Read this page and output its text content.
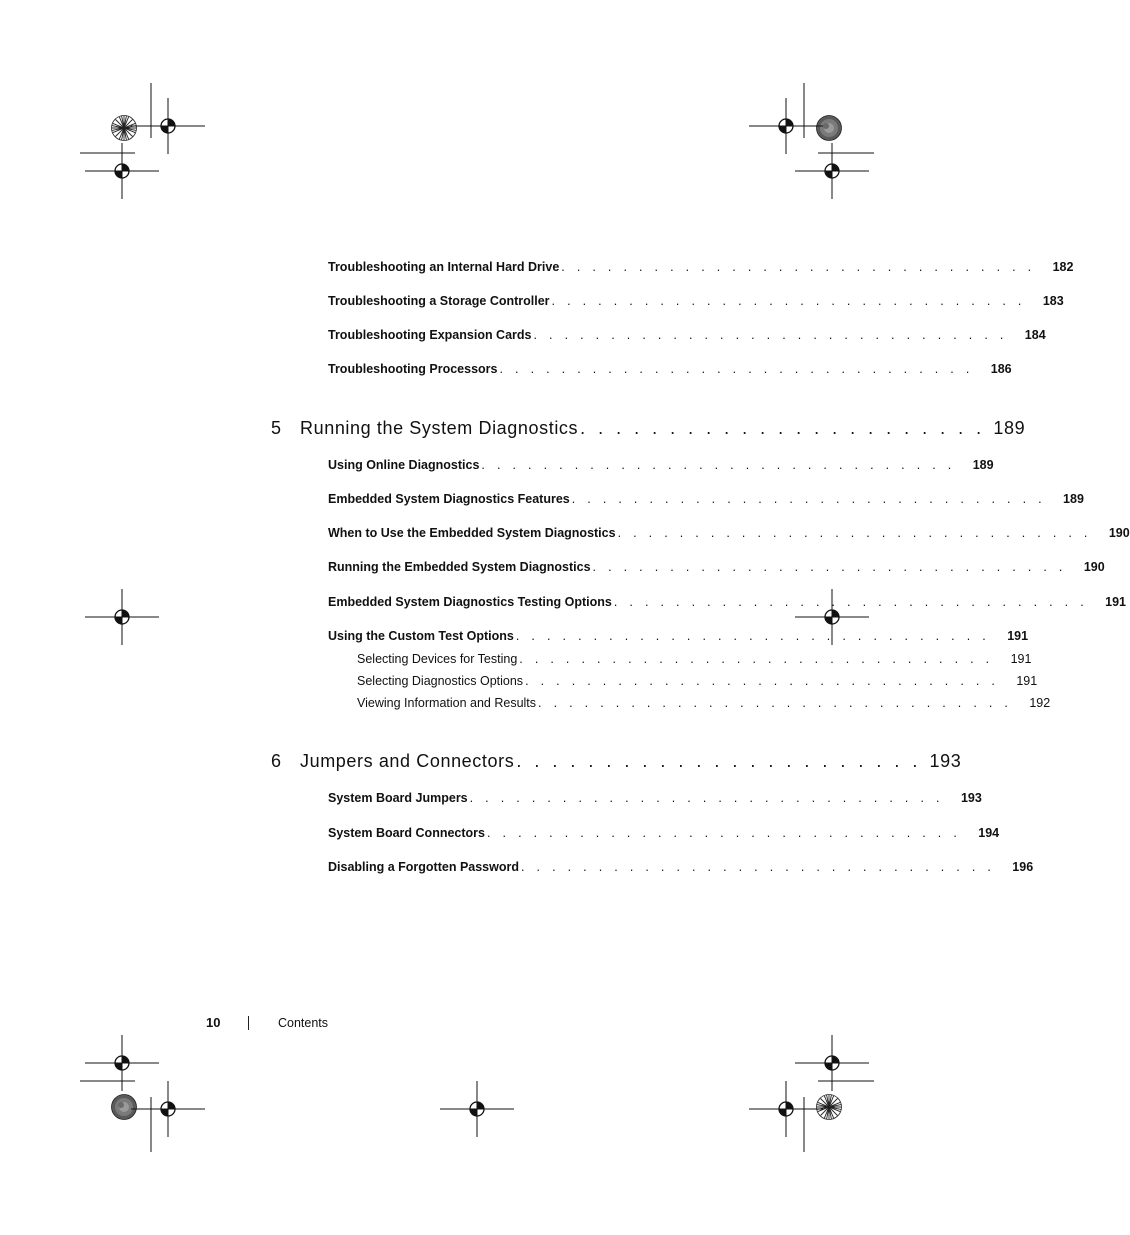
Troubleshooting an Internal Hard Drive . . . . . . . . . . . . . . . . . . . . . . . . . . . . . . .	182
Troubleshooting a Storage Controller . . . . . . . . . . . . . . . . . . . . . . . . . . . . . . .	183
Troubleshooting Expansion Cards . . . . . . . . . . . . . . . . . . . . . . . . . . . . . . .	184
Troubleshooting Processors . . . . . . . . . . . . . . . . . . . . . . . . . . . . . . .	186
5	Running the System Diagnostics . . . . . . . . . . . . . . . . . . . . . . . 189
Using Online Diagnostics . . . . . . . . . . . . . . . . . . . . . . . . . . . . . . .	189
Embedded System Diagnostics Features . . . . . . . . . . . . . . . . . . . . . . . . . . . . . . .	189
When to Use the Embedded System Diagnostics . . . . . . . . . . . . . . . . . . . . . . . . . . . . . . .	190
Running the Embedded System Diagnostics . . . . . . . . . . . . . . . . . . . . . . . . . . . . . . .	190
Embedded System Diagnostics Testing Options . . . . . . . . . . . . . . . . . . . . . . . . . . . . . . .	191
Using the Custom Test Options . . . . . . . . . . . . . . . . . . . . . . . . . . . . . . .	191
Selecting Devices for Testing . . . . . . . . . . . . . . . . . . . . . . . . . . . . . . .	191
Selecting Diagnostics Options . . . . . . . . . . . . . . . . . . . . . . . . . . . . . . .	191
Viewing Information and Results . . . . . . . . . . . . . . . . . . . . . . . . . . . . . . .	192
6	Jumpers and Connectors . . . . . . . . . . . . . . . . . . . . . . . 193
System Board Jumpers . . . . . . . . . . . . . . . . . . . . . . . . . . . . . . .	193
System Board Connectors . . . . . . . . . . . . . . . . . . . . . . . . . . . . . . .	194
Disabling a Forgotten Password . . . . . . . . . . . . . . . . . . . . . . . . . . . . . . .	196
10	Contents
